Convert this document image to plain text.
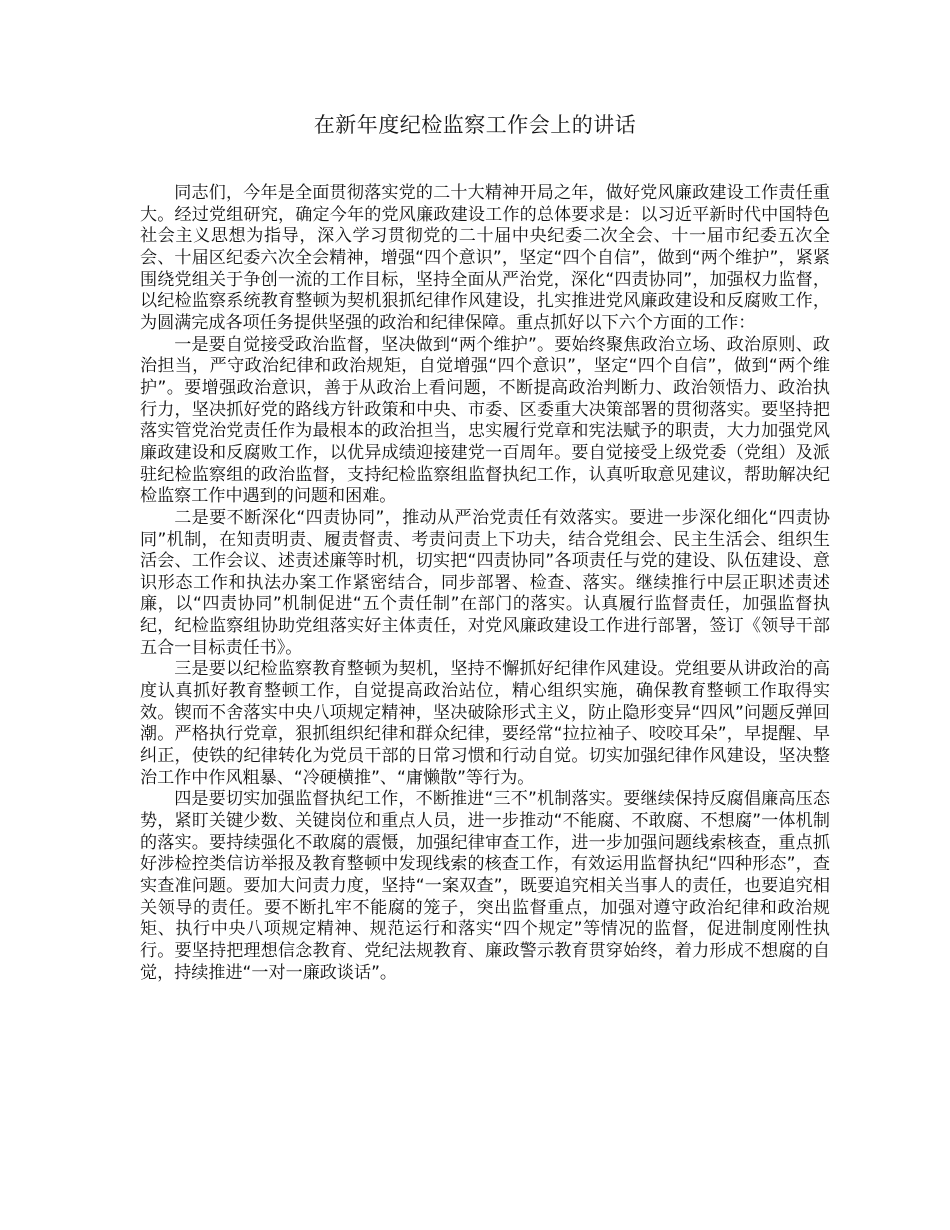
在新年度纪检监察工作会上的讲话

同志们，今年是全面贯彻落实党的二十大精神开局之年，做好党风廉政建设工作责任重大。经过党组研究，确定今年的党风廉政建设工作的总体要求是：以习近平新时代中国特色社会主义思想为指导，深入学习贯彻党的二十届中央纪委二次全会、十一届市纪委五次全会、十届区纪委六次全会精神，增强“四个意识”，坚定“四个自信”，做到“两个维护”，紧紧围绕党组关于争创一流的工作目标，坚持全面从严治党，深化“四责协同”，加强权力监督，以纪检监察系统教育整顿为契机狠抓纪律作风建设，扎实推进党风廉政建设和反腐败工作，为圆满完成各项任务提供坚强的政治和纪律保障。重点抓好以下六个方面的工作：

一是要自觉接受政治监督，坚决做到“两个维护”。要始终聚焦政治立场、政治原则、政治担当，严守政治纪律和政治规矩，自觉增强“四个意识”，坚定“四个自信”，做到“两个维护”。要增强政治意识，善于从政治上看问题，不断提高政治判断力、政治领悟力、政治执行力，坚决抓好党的路线方针政策和中央、市委、区委重大决策部署的贯彻落实。要坚持把落实管党治党责任作为最根本的政治担当，忠实履行党章和宪法赋予的职责，大力加强党风廉政建设和反腐败工作，以优异成绩迎接建党一百周年。要自觉接受上级党委（党组）及派驻纪检监察组的政治监督，支持纪检监察组监督执纪工作，认真听取意见建议，帮助解决纪检监察工作中遇到的问题和困难。

二是要不断深化“四责协同”，推动从严治党责任有效落实。要进一步深化细化“四责协同”机制，在知责明责、履责督责、考责问责上下功夫，结合党组会、民主生活会、组织生活会、工作会议、述责述廉等时机，切实把“四责协同”各项责任与党的建设、队伍建设、意识形态工作和执法办案工作紧密结合，同步部署、检查、落实。继续推行中层正职述责述廉，以“四责协同”机制促进“五个责任制”在部门的落实。认真履行监督责任，加强监督执纪，纪检监察组协助党组落实好主体责任，对党风廉政建设工作进行部署，签订《领导干部五合一目标责任书》。

三是要以纪检监察教育整顿为契机，坚持不懈抓好纪律作风建设。党组要从讲政治的高度认真抓好教育整顿工作，自觉提高政治站位，精心组织实施，确保教育整顿工作取得实效。锲而不舍落实中央八项规定精神，坚决破除形式主义，防止隐形变异“四风”问题反弹回潮。严格执行党章，狠抓组织纪律和群众纪律，要经常“拉拉袖子、咬咬耳朵”，早提醒、早纠正，使铁的纪律转化为党员干部的日常习惯和行动自觉。切实加强纪律作风建设，坚决整治工作中作风粗暴、“冷硬横推”、“庸懒散”等行为。

四是要切实加强监督执纪工作，不断推进“三不”机制落实。要继续保持反腐倡廉高压态势，紧盯关键少数、关键岗位和重点人员，进一步推动“不能腐、不敢腐、不想腐”一体机制的落实。要持续强化不敢腐的震慑，加强纪律审查工作，进一步加强问题线索核查，重点抓好涉检控类信访举报及教育整顿中发现线索的核查工作，有效运用监督执纪“四种形态”，查实查准问题。要加大问责力度，坚持“一案双查”，既要追究相关当事人的责任，也要追究相关领导的责任。要不断扎牢不能腐的笼子，突出监督重点，加强对遵守政治纪律和政治规矩、执行中央八项规定精神、规范运行和落实“四个规定”等情况的监督，促进制度刚性执行。要坚持把理想信念教育、党纪法规教育、廉政警示教育贯穿始终，着力形成不想腐的自觉，持续推进“一对一廉政谈话”。
